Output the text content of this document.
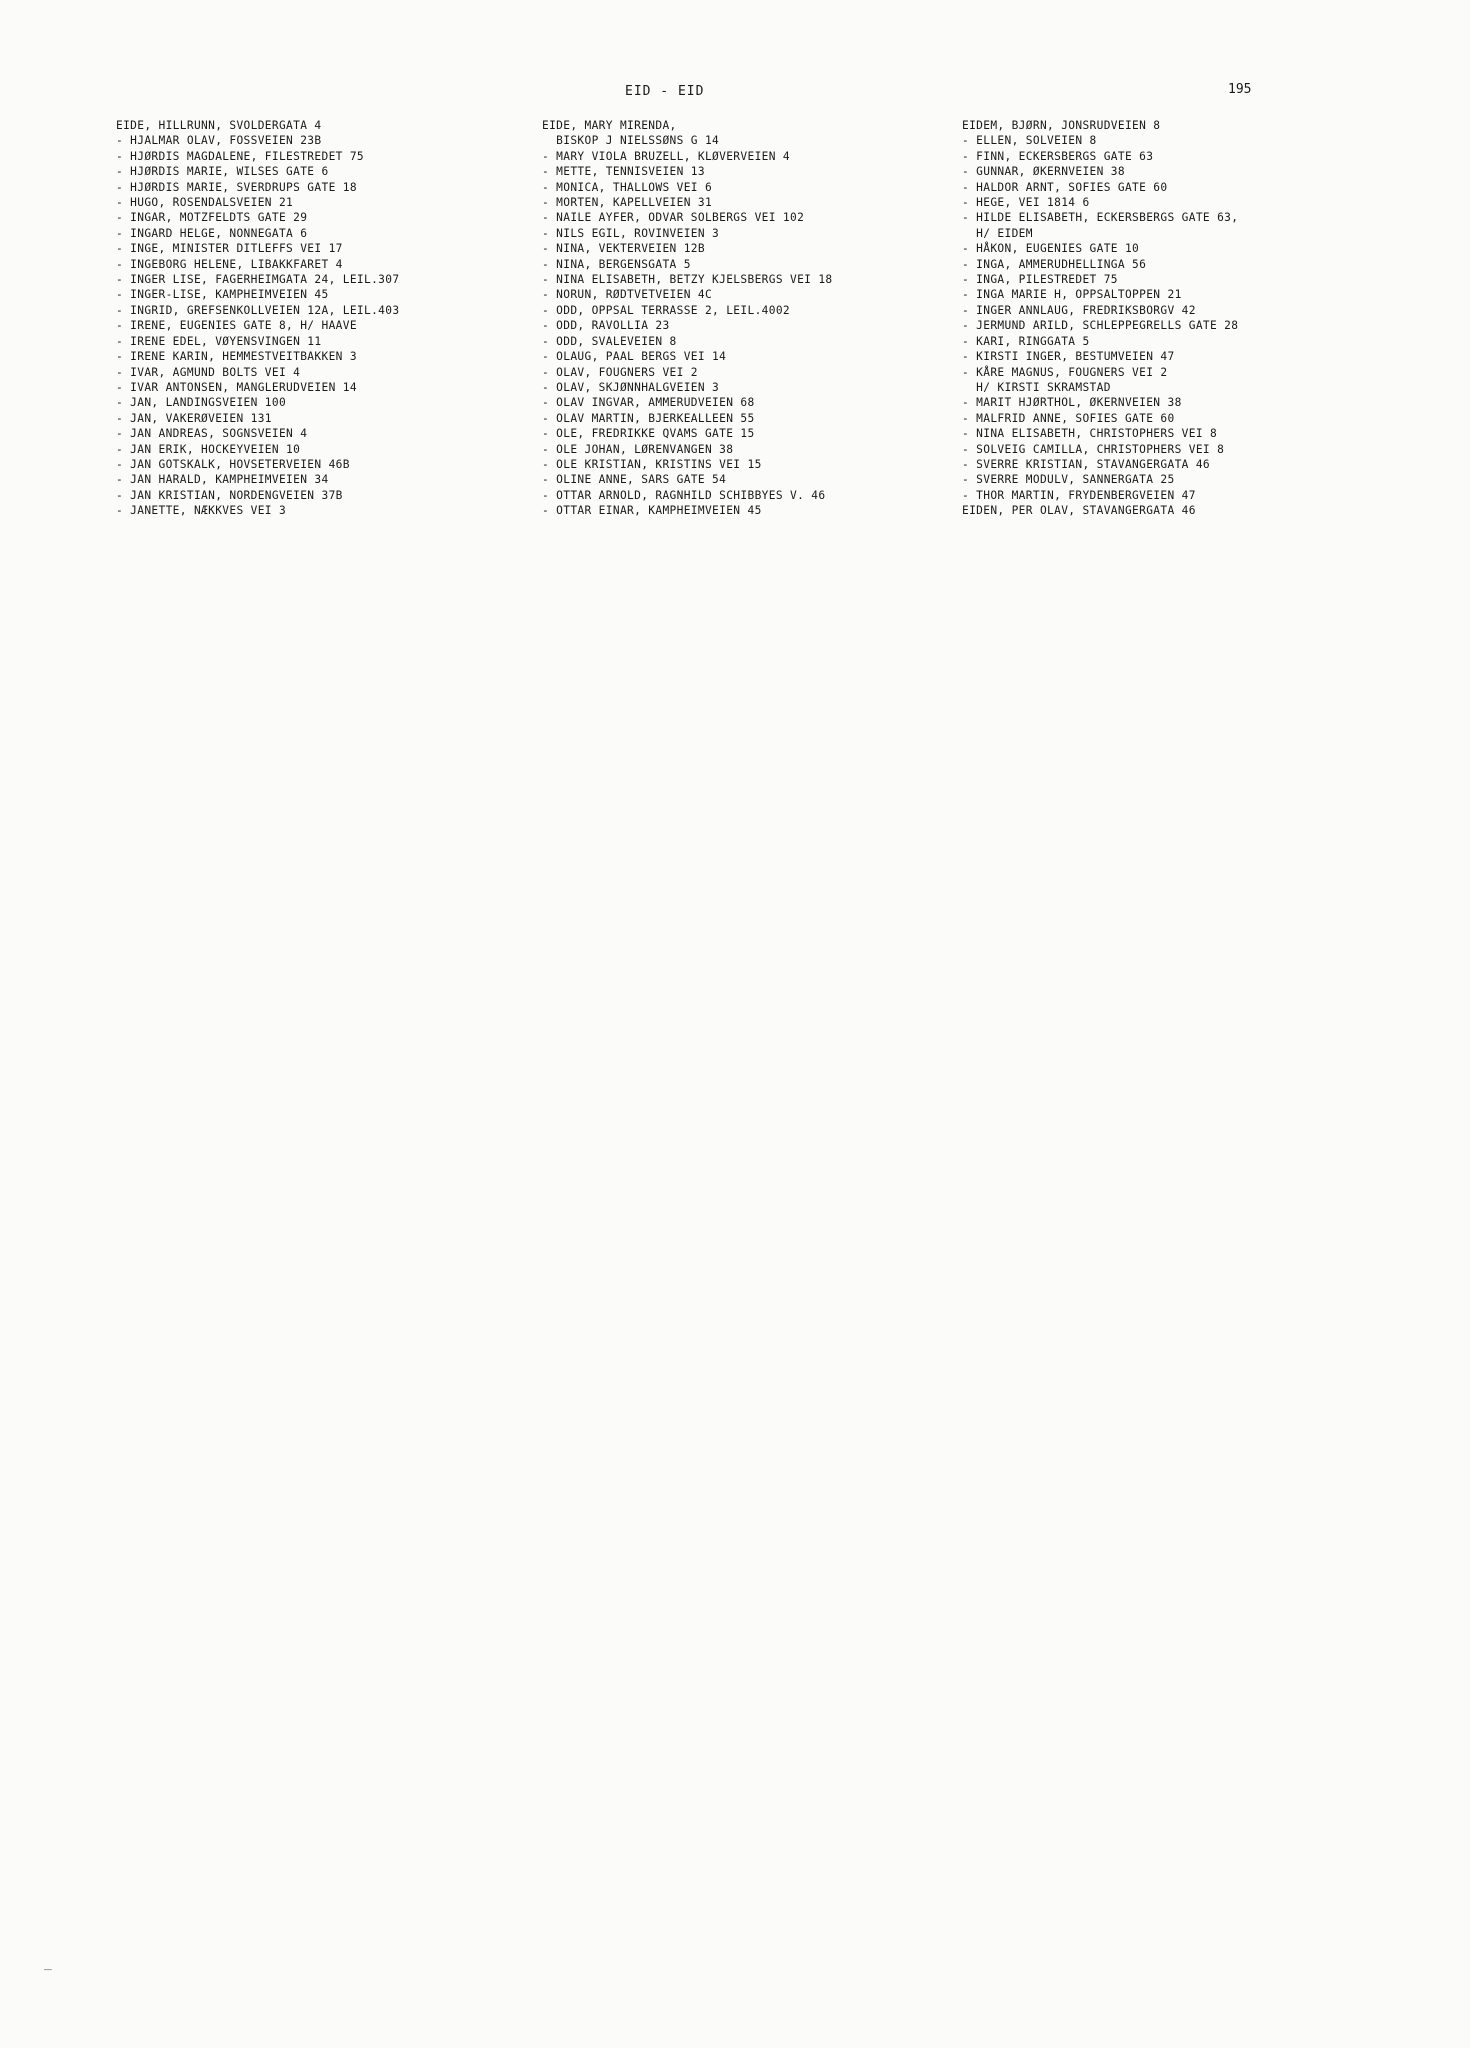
EID - EID	195
EIDE, HILLRUNN, SVOLDERGATA 4
- HJALMAR OLAV, FOSSVEIEN 23B
- HJØRDIS MAGDALENE, FILESTREDET 75
- HJØRDIS MARIE, WILSES GATE 6
- HJØRDIS MARIE, SVERDRUPS GATE 18
- HUGO, ROSENDALSVEIEN 21
- INGAR, MOTZFELDTS GATE 29
- INGARD HELGE, NONNEGATA 6
- INGE, MINISTER DITLEFFS VEI 17
- INGEBORG HELENE, LIBAKKFARET 4
- INGER LISE, FAGERHEIMGATA 24, LEIL.307
- INGER-LISE, KAMPHEIMVEIEN 45
- INGRID, GREFSENKOLLVEIEN 12A, LEIL.403
- IRENE, EUGENIES GATE 8, H/ HAAVE
- IRENE EDEL, VØYENSVINGEN 11
- IRENE KARIN, HEMMESTVEITBAKKEN 3
- IVAR, AGMUND BOLTS VEI 4
- IVAR ANTONSEN, MANGLERUDVEIEN 14
- JAN, LANDINGSVEIEN 100
- JAN, VAKERØVEIEN 131
- JAN ANDREAS, SOGNSVEIEN 4
- JAN ERIK, HOCKEYVEIEN 10
- JAN GOTSKALK, HOVSETERVEIEN 46B
- JAN HARALD, KAMPHEIMVEIEN 34
- JAN KRISTIAN, NORDENGVEIEN 37B
- JANETTE, NÆKKVES VEI 3
EIDE, MARY MIRENDA,
BISKOP J NIELSSØNS G 14
- MARY VIOLA BRUZELL, KLØVERVEIEN 4
- METTE, TENNISVEIEN 13
- MONICA, THALLOWS VEI 6
- MORTEN, KAPELLVEIEN 31
- NAILE AYFER, ODVAR SOLBERGS VEI 102
- NILS EGIL, ROVINVEIEN 3
- NINA, VEKTERVEIEN 12B
- NINA, BERGENSGATA 5
- NINA ELISABETH, BETZY KJELSBERGS VEI 18
- NORUN, RØDTVETVEIEN 4C
- ODD, OPPSAL TERRASSE 2, LEIL.4002
- ODD, RAVOLLIA 23
- ODD, SVALEVEIEN 8
- OLAUG, PAAL BERGS VEI 14
- OLAV, FOUGNERS VEI 2
- OLAV, SKJØNNHALGVEIEN 3
- OLAV INGVAR, AMMERUDVEIEN 68
- OLAV MARTIN, BJERKEALLEEN 55
- OLE, FREDRIKKE QVAMS GATE 15
- OLE JOHAN, LØRENVANGEN 38
- OLE KRISTIAN, KRISTINS VEI 15
- OLINE ANNE, SARS GATE 54
- OTTAR ARNOLD, RAGNHILD SCHIBBYES V. 46
- OTTAR EINAR, KAMPHEIMVEIEN 45
EIDEM, BJØRN, JONSRUDVEIEN 8
- ELLEN, SOLVEIEN 8
- FINN, ECKERSBERGS GATE 63
- GUNNAR, ØKERNVEIEN 38
- HALDOR ARNT, SOFIES GATE 60
- HEGE, VEI 1814 6
- HILDE ELISABETH, ECKERSBERGS GATE 63,
H/ EIDEM
- HÅKON, EUGENIES GATE 10
- INGA, AMMERUDHELLINGA 56
- INGA, PILESTREDET 75
- INGA MARIE H, OPPSALTOPPEN 21
- INGER ANNLAUG, FREDRIKSBORGV 42
- JERMUND ARILD, SCHLEPPEGRELLS GATE 28
- KARI, RINGGATA 5
- KIRSTI INGER, BESTUMVEIEN 47
- KÅRE MAGNUS, FOUGNERS VEI 2
H/ KIRSTI SKRAMSTAD
- MARIT HJØRTHOL, ØKERNVEIEN 38
- MALFRID ANNE, SOFIES GATE 60
- NINA ELISABETH, CHRISTOPHERS VEI 8
- SOLVEIG CAMILLA, CHRISTOPHERS VEI 8
- SVERRE KRISTIAN, STAVANGERGATA 46
- SVERRE MODULV, SANNERGATA 25
- THOR MARTIN, FRYDENBERGVEIEN 47
EIDEN, PER OLAV, STAVANGERGATA 46
_
